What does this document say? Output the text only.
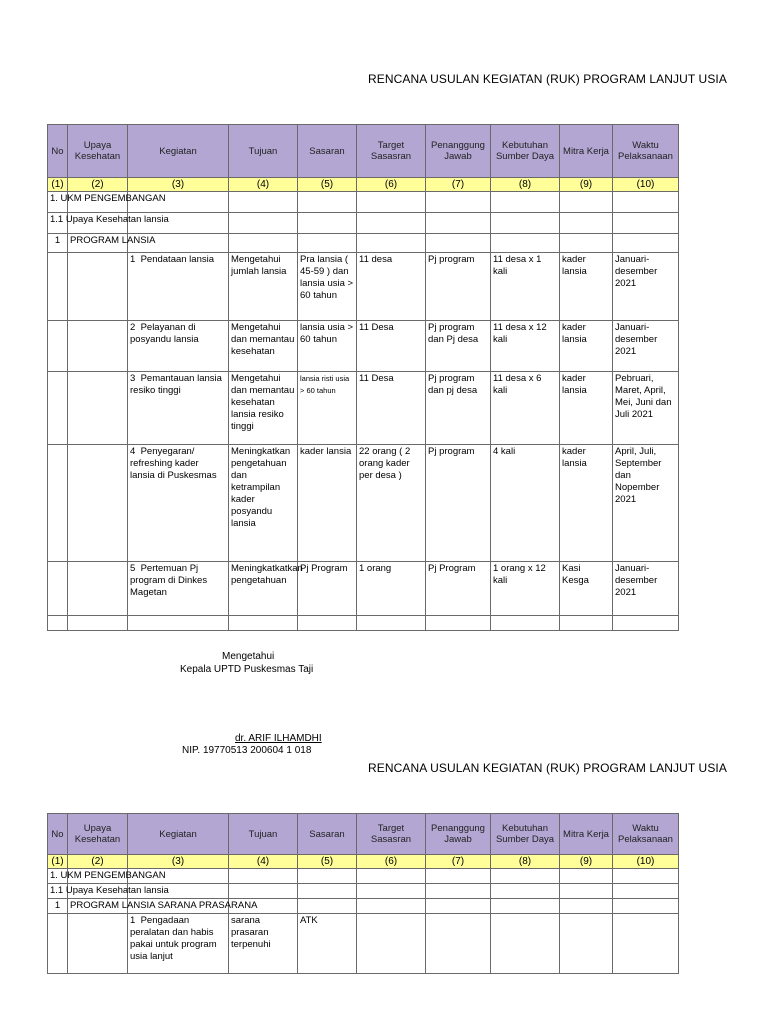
RENCANA USULAN KEGIATAN (RUK) PROGRAM LANJUT USIA
No	Upaya Kesehatan	Kegiatan	Tujuan	Sasaran	Target Sasasran	Penanggung Jawab	Kebutuhan Sumber Daya	Mitra Kerja	Waktu Pelaksanaan
(1)	(2)	(3)	(4)	(5)	(6)	(7)	(8)	(9)	(10)
1. UKM PENGEMBANGAN									
1.1 Upaya Kesehatan lansia									
1	PROGRAM LANSIA								
		1 Pendataan lansia	Mengetahui jumlah lansia	Pra lansia ( 45-59 ) dan lansia usia > 60 tahun	11 desa	Pj program	11 desa x 1 kali	kader lansia	Januari-desember 2021
		2 Pelayanan di posyandu lansia	Mengetahui dan memantau kesehatan	lansia usia > 60 tahun	11 Desa	Pj program dan Pj desa	11 desa x 12 kali	kader lansia	Januari-desember 2021
		3 Pemantauan lansia resiko tinggi	Mengetahui dan memantau kesehatan lansia resiko tinggi	lansia risti usia > 60 tahun	11 Desa	Pj program dan pj desa	11 desa x 6 kali	kader lansia	Pebruari, Maret, April, Mei, Juni dan Juli 2021
		4 Penyegaran/ refreshing kader lansia di Puskesmas	Meningkatkan pengetahuan dan ketrampilan kader posyandu lansia	kader lansia	22 orang ( 2 orang kader per desa )	Pj program	4 kali	kader lansia	April, Juli, September dan Nopember 2021
		5 Pertemuan Pj program di Dinkes Magetan	Meningkatkatkan pengetahuan	Pj Program	1 orang	Pj Program	1 orang x 12 kali	Kasi Kesga	Januari-desember 2021

Mengetahui
Kepala UPTD Puskesmas Taji
dr. ARIF ILHAMDHI
NIP. 19770513 200604 1 018
RENCANA USULAN KEGIATAN (RUK) PROGRAM LANJUT USIA
No	Upaya Kesehatan	Kegiatan	Tujuan	Sasaran	Target Sasasran	Penanggung Jawab	Kebutuhan Sumber Daya	Mitra Kerja	Waktu Pelaksanaan
(1)	(2)	(3)	(4)	(5)	(6)	(7)	(8)	(9)	(10)
1. UKM PENGEMBANGAN									
1.1 Upaya Kesehatan lansia									
1	PROGRAM LANSIA SARANA PRASARANA								
		1 Pengadaan peralatan dan habis pakai untuk program usia lanjut	sarana prasaran terpenuhi	ATK					
